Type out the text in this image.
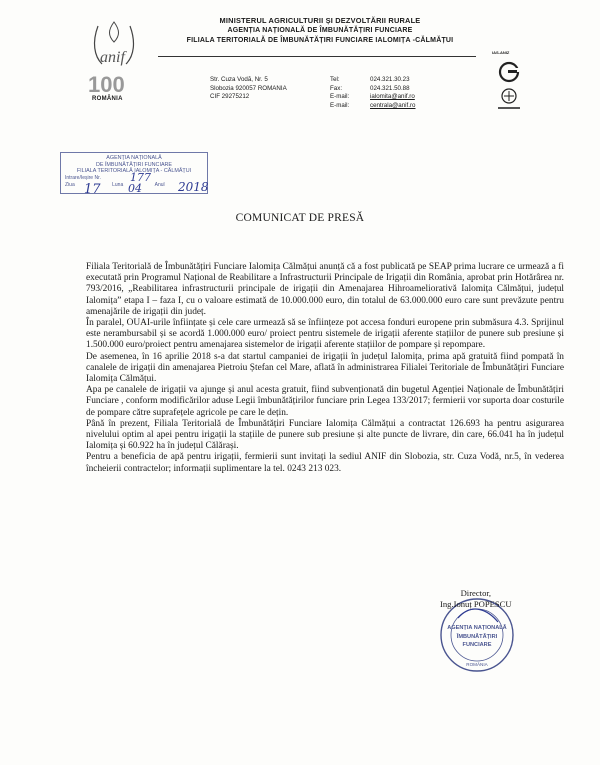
anif
100
ROMÂNIA
MINISTERUL AGRICULTURII ȘI DEZVOLTĂRII RURALE
AGENȚIA NAȚIONALĂ DE ÎMBUNĂTĂȚIRI FUNCIARE
FILIALA TERITORIALĂ DE ÎMBUNĂTĂȚIRI FUNCIARE IALOMIȚA -CĂLMĂȚUI
Str. Cuza Vodă, Nr. 5
Slobozia 920057 ROMANIA
CIF 29275212
Tel:	024.321.30.23
Fax:	024.321.50.88
E-mail:	ialomita@anif.ro
E-mail:	centrala@anif.ro
IAS-ANIZ
AGENȚIA NAȚIONALĂ
DE ÎMBUNĂTĂȚIRI FUNCIARE
FILIALA TERITORIALĂ IALOMIȚA - CĂLMĂȚUI
Intrare/Ieșire Nr.
Ziua	Luna	Anul
177
17 04	2018
COMUNICAT DE PRESĂ

Filiala Teritorială de Îmbunătățiri Funciare Ialomița Călmățui anunță că a fost publicată pe SEAP prima lucrare ce urmează a fi executată prin Programul Național de Reabilitare a Infrastructurii Principale de Irigații din România, aprobat prin Hotărârea nr. 793/2016, „Reabilitarea infrastructurii principale de irigații din Amenajarea Hihroameliorativă Ialomița Călmățui, județul Ialomița” etapa I – faza I, cu o valoare estimată de 10.000.000 euro, din totalul de 63.000.000 euro care sunt prevăzute pentru amenajările de irigații din județ.

În paralel, OUAI-urile înființate și cele care urmează să se înființeze pot accesa fonduri europene prin submăsura 4.3. Sprijinul este nerambursabil și se acordă 1.000.000 euro/ proiect pentru sistemele de irigații aferente stațiilor de punere sub presiune și 1.500.000 euro/proiect pentru amenajarea sistemelor de irigații aferente stațiilor de pompare și repompare.

De asemenea, în 16 aprilie 2018 s-a dat startul campaniei de irigații în județul Ialomița, prima apă gratuită fiind pompată în canalele de irigații din amenajarea Pietroiu Ștefan cel Mare, aflată în administrarea Filialei Teritoriale de Îmbunătățiri Funciare Ialomița Călmățui.

Apa pe canalele de irigații va ajunge și anul acesta gratuit, fiind subvenționată din bugetul Agenției Naționale de Îmbunătățiri Funciare , conform modificărilor aduse Legii îmbunătățirilor funciare prin Legea 133/2017; fermierii vor suporta doar costurile de pompare către suprafețele agricole pe care le dețin.

Până în prezent, Filiala Teritorială de Îmbunătățiri Funciare Ialomița Călmățui a contractat 126.693 ha pentru asigurarea nivelului optim al apei pentru irigații la stațiile de punere sub presiune și alte puncte de livrare, din care, 66.041 ha în județul Ialomița și 60.922 ha în județul Călărași.

Pentru a beneficia de apă pentru irigații, fermierii sunt invitați la sediul ANIF din Slobozia, str. Cuza Vodă, nr.5, în vederea încheierii contractelor; informații suplimentare la tel. 0243 213 023.

AGENȚIA NAȚIONALĂ
ÎMBUNĂTĂȚIRI
FUNCIARE
ROMÂNIA
Director,
Ing.Ionuț POPESCU
